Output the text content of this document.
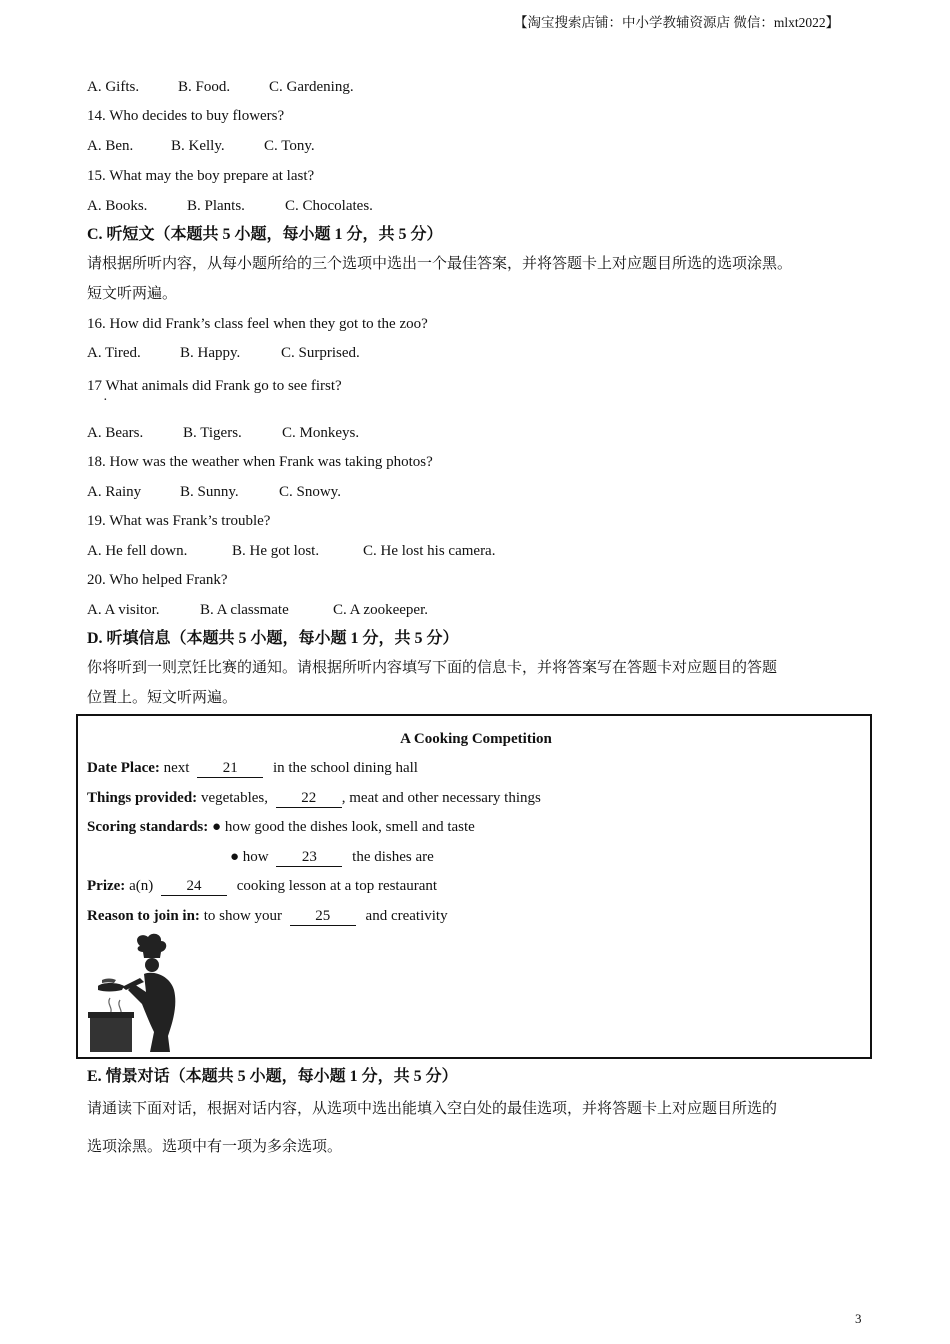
【淘宝搜索店铺：中小学教辅资源店 微信：mlxt2022】
A. Gifts.	B. Food.	C. Gardening.
14. Who decides to buy flowers?
A. Ben.	B. Kelly.	C. Tony.
15. What may the boy prepare at last?
A. Books.	B. Plants.	C. Chocolates.
C. 听短文（本题共 5 小题，每小题 1 分，共 5 分）
请根据所听内容，从每小题所给的三个选项中选出一个最佳答案，并将答题卡上对应题目所选的选项涂黑。
短文听两遍。
16. How did Frank’s class feel when they got to the zoo?
A. Tired.	B. Happy.	C. Surprised.
17 What animals did Frank go to see first?
·
A. Bears.	B. Tigers.	C. Monkeys.
18. How was the weather when Frank was taking photos?
A. Rainy	B. Sunny.	C. Snowy.
19. What was Frank’s trouble?
A. He fell down.	B. He got lost.	C. He lost his camera.
20. Who helped Frank?
A. A visitor.	B. A classmate	C. A zookeeper.
D. 听填信息（本题共 5 小题，每小题 1 分，共 5 分）
你将听到一则烹饪比赛的通知。请根据所听内容填写下面的信息卡，并将答案写在答题卡对应题目的答题
位置上。短文听两遍。
A Cooking Competition
Date Place: next 21 in the school dining hall
Things provided: vegetables, 22 , meat and other necessary things
Scoring standards: ● how good the dishes look, smell and taste
● how 23 the dishes are
Prize: a(n) 24 cooking lesson at a top restaurant
Reason to join in: to show your 25 and creativity
E. 情景对话（本题共 5 小题，每小题 1 分，共 5 分）
请通读下面对话，根据对话内容，从选项中选出能填入空白处的最佳选项，并将答题卡上对应题目所选的
选项涂黑。选项中有一项为多余选项。
3
